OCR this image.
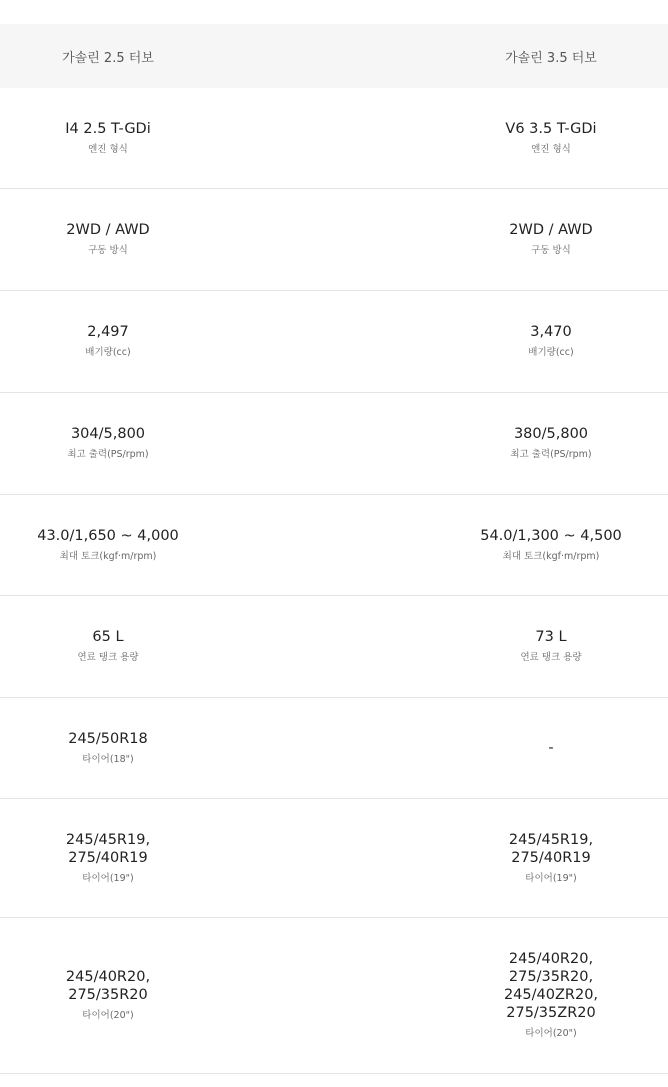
가솔린 2.5 터보	가솔린 3.5 터보
I4 2.5 T-GDi
엔진 형식
V6 3.5 T-GDi
엔진 형식
2WD / AWD
구동 방식
2WD / AWD
구동 방식
2,497
배기량(cc)
3,470
배기량(cc)
304/5,800
최고 출력(PS/rpm)
380/5,800
최고 출력(PS/rpm)
43.0/1,650 ~ 4,000
최대 토크(kgf·m/rpm)
54.0/1,300 ~ 4,500
최대 토크(kgf·m/rpm)
65 L
연료 탱크 용량
73 L
연료 탱크 용량
245/50R18
타이어(18")
-
245/45R19,
275/40R19
타이어(19")
245/45R19,
275/40R19
타이어(19")
245/40R20,
275/35R20
타이어(20")
245/40R20,
275/35R20,
245/40ZR20,
275/35ZR20
타이어(20")
